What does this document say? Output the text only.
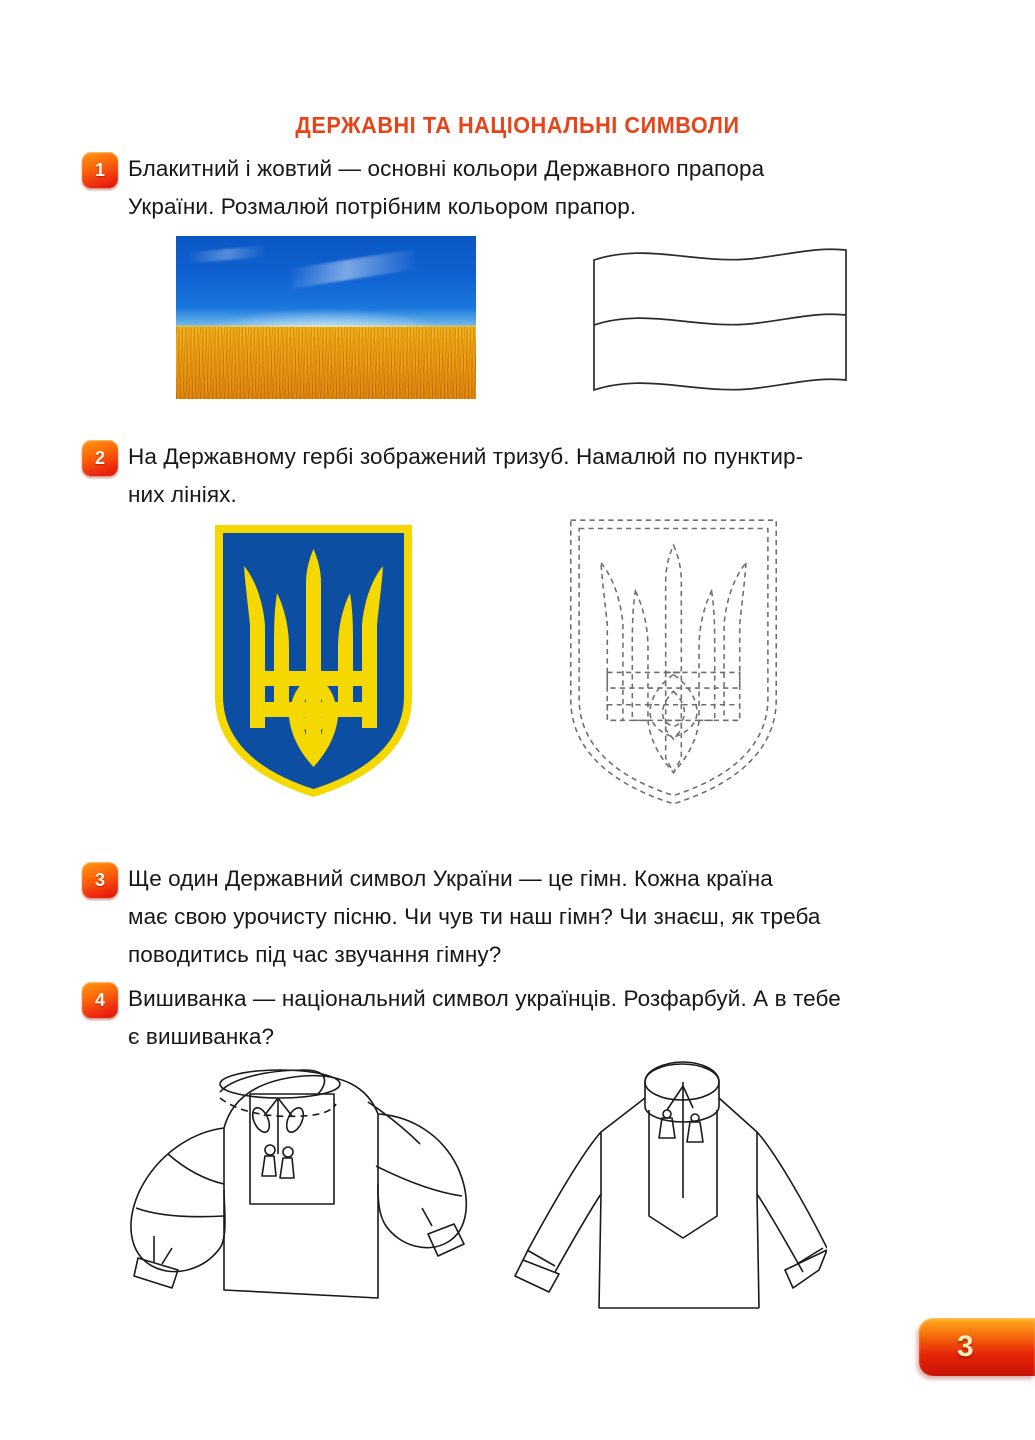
ДЕРЖАВНІ ТА НАЦІОНАЛЬНІ СИМВОЛИ
1	Блакитний і жовтий — основні кольори Державного прапора
України. Розмалюй потрібним кольором прапор.
2	На Державному гербі зображений тризуб. Намалюй по пунктир-
них лініях.
3	Ще один Державний символ України — це гімн. Кожна країна
має свою урочисту пісню. Чи чув ти наш гімн? Чи знаєш, як треба
поводитись під час звучання гімну?
4	Вишиванка — національний символ українців. Розфарбуй. А в тебе
є вишиванка?
3
